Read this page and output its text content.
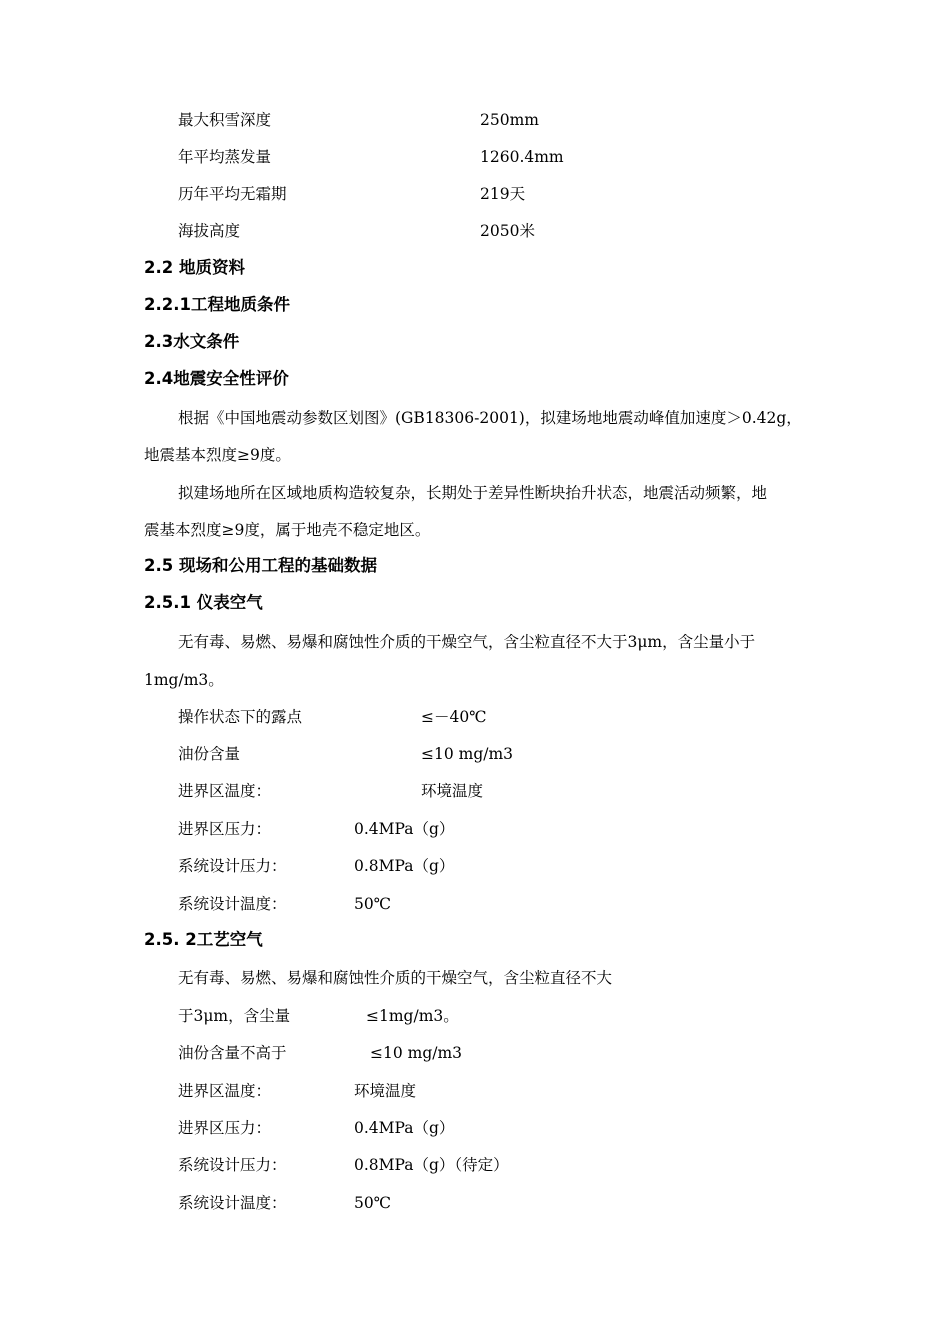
最大积雪深度	250mm
年平均蒸发量	1260.4mm
历年平均无霜期	219天
海拔高度	2050米
2.2 地质资料
2.2.1工程地质条件
2.3水文条件
2.4地震安全性评价
根据《中国地震动参数区划图》(GB18306-2001)，拟建场地地震动峰值加速度＞0.42g，
地震基本烈度≥9度。
拟建场地所在区域地质构造较复杂，长期处于差异性断块抬升状态，地震活动频繁，地
震基本烈度≥9度，属于地壳不稳定地区。
2.5 现场和公用工程的基础数据
2.5.1 仪表空气
无有毒、易燃、易爆和腐蚀性介质的干燥空气，含尘粒直径不大于3μm，含尘量小于
1mg/m3。
操作状态下的露点	≤－40℃
油份含量	≤10 mg/m3
进界区温度：	环境温度
进界区压力：	0.4MPa（g）
系统设计压力：	0.8MPa（g）
系统设计温度：	50℃
2.5. 2工艺空气
无有毒、易燃、易爆和腐蚀性介质的干燥空气，含尘粒直径不大
于3μm，含尘量	≤1mg/m3。
油份含量不高于	≤10 mg/m3
进界区温度：	环境温度
进界区压力：	0.4MPa（g）
系统设计压力：	0.8MPa（g）（待定）
系统设计温度：	50℃
